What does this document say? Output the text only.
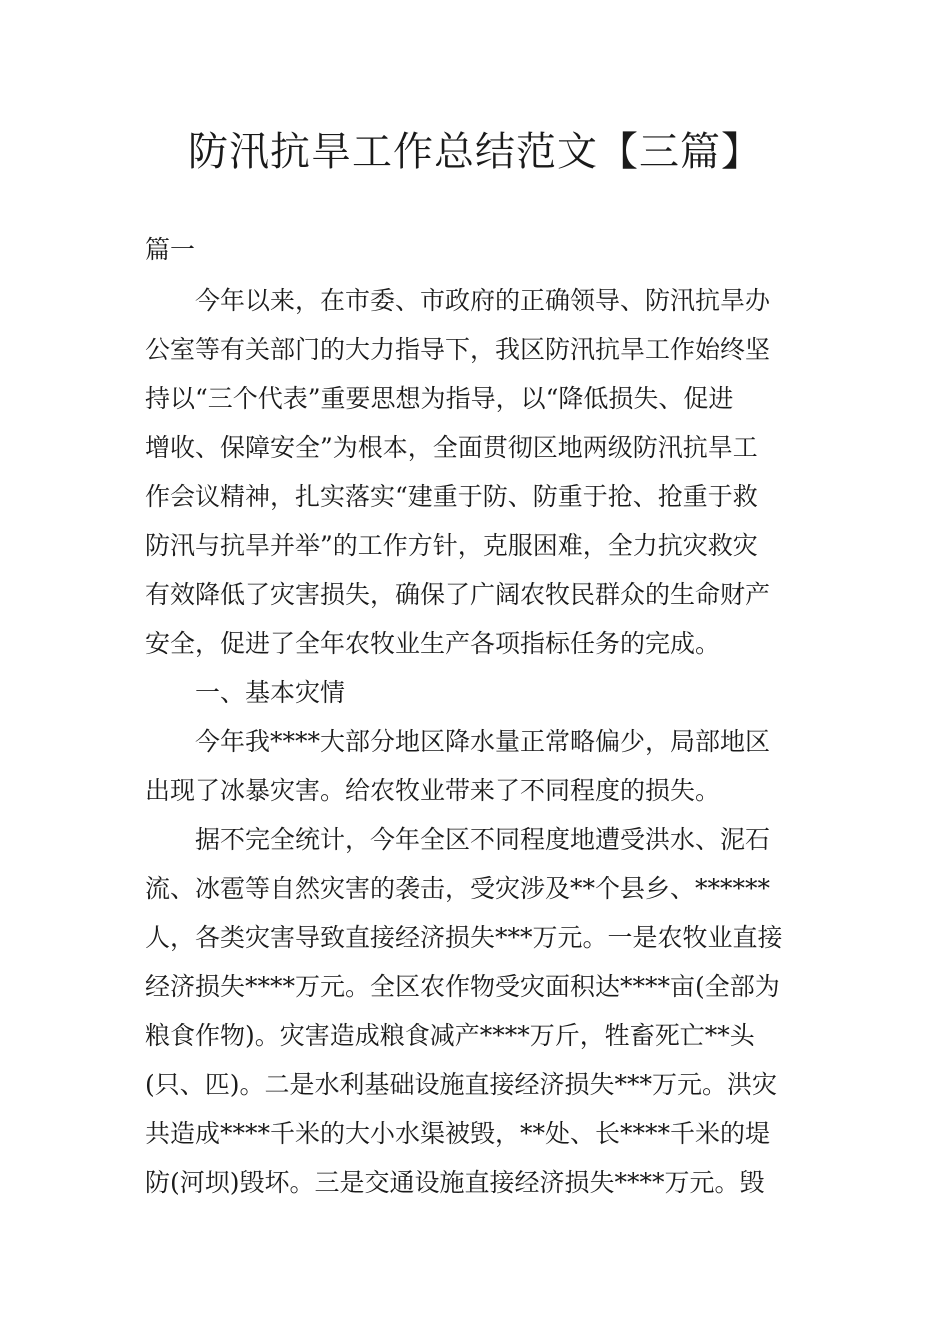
防汛抗旱工作总结范文【三篇】
篇一

　　今年以来，在市委、市政府的正确领导、防汛抗旱办

公室等有关部门的大力指导下，我区防汛抗旱工作始终坚

持以“三个代表”重要思想为指导，以“降低损失、促进

增收、保障安全”为根本，全面贯彻区地两级防汛抗旱工

作会议精神，扎实落实“建重于防、防重于抢、抢重于救

防汛与抗旱并举”的工作方针，克服困难，全力抗灾救灾

有效降低了灾害损失，确保了广阔农牧民群众的生命财产

安全，促进了全年农牧业生产各项指标任务的完成。

　　一、基本灾情

　　今年我****大部分地区降水量正常略偏少，局部地区

出现了冰暴灾害。给农牧业带来了不同程度的损失。

　　据不完全统计，今年全区不同程度地遭受洪水、泥石

流、冰雹等自然灾害的袭击，受灾涉及**个县乡、******

人，各类灾害导致直接经济损失***万元。一是农牧业直接

经济损失****万元。全区农作物受灾面积达****亩(全部为

粮食作物)。灾害造成粮食减产****万斤，牲畜死亡**头

(只、匹)。二是水利基础设施直接经济损失***万元。洪灾

共造成****千米的大小水渠被毁，**处、长****千米的堤

防(河坝)毁坏。三是交通设施直接经济损失****万元。毁
